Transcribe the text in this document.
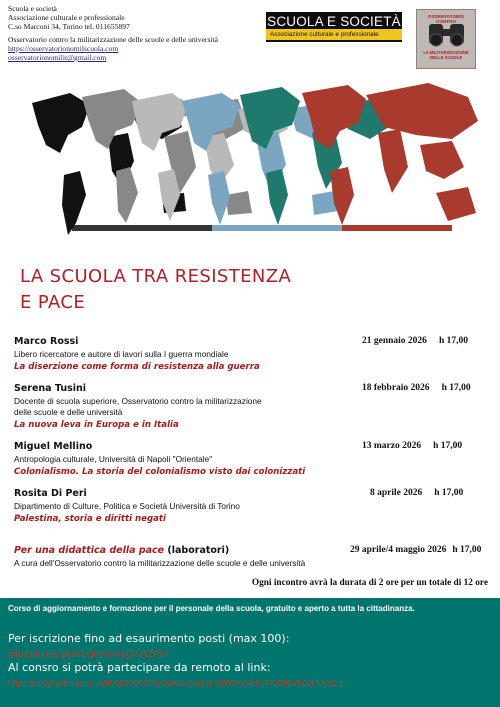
Scuola e società
Associazione culturale e professionale
C.so Marconi 34, Torino tel. 011655897
Osservatorio contro la militarizzazione delle scuole e delle università
https://osservatorionomilscuola.com
osservatorionomilit@gmail.com
SCUOLA E SOCIETÀ
Associazione culturale e professionale
OSSERVATORIO CONTRO
LA MILITARIZZAZIONE DELLE SCUOLE
LA SCUOLA TRA RESISTENZA
E PACE
Marco Rossi
Libero ricercatore e autore di lavori sulla I guerra mondiale
La diserzione come forma di resistenza alla guerra
21 gennaio 2026 h 17,00
Serena Tusini
Docente di scuola superiore, Osservatorio contro la militarizzazione
delle scuole e delle università
La nuova leva in Europa e in Italia
18 febbraio 2026 h 17,00
Miguel Mellino
Antropologia culturale, Università di Napoli "Orientale"
Colonialismo. La storia del colonialismo visto dai colonizzati
13 marzo 2026 h 17,00
Rosita Di Peri
Dipartimento di Culture, Politica e Società Università di Torino
Palestina, storia e diritti negati
8 aprile 2026 h 17,00
Per una didattica della pace (laboratori)
A cura dell'Osservatorio contro la militarizzazione delle scuole e delle università
29 aprile/4 maggio 2026 h 17,00
Ogni incontro avrà la durata di 2 ore per un totale di 12 ore
Corso di aggiornamento e formazione per il personale della scuola, gratuito e aperto a tutta la cittadinanza.
Per iscrizione fino ad esaurimento posti (max 100):
https://forms.gle/XVQmn1nFpQ7zsZPy7
Al consro si potrà partecipare da remoto al link:
https://us02web.zoom.us/j/86427950702?pwd=6u8ujyXdWOwSe5uFf0SIKoTCvLkA3Z.1
